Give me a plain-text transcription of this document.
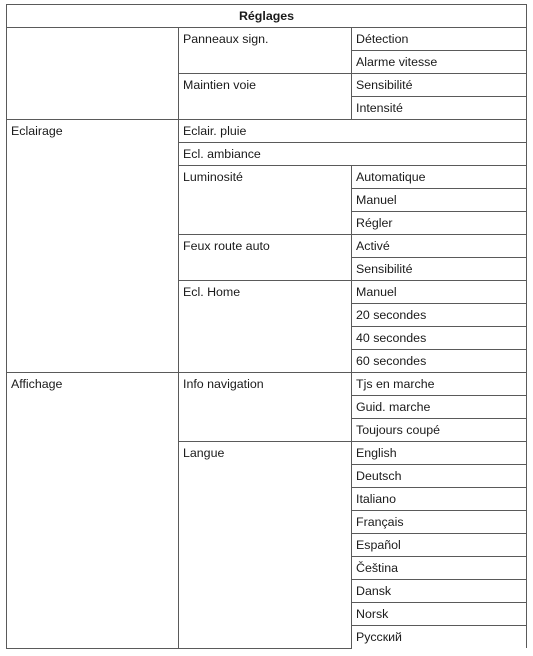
Réglages		
	Panneaux sign.	Détection
		Alarme vitesse
	Maintien voie	Sensibilité
		Intensité
Eclairage	Eclair. pluie	
	Ecl. ambiance	
	Luminosité	Automatique
		Manuel
		Régler
	Feux route auto	Activé
		Sensibilité
	Ecl. Home	Manuel
		20 secondes
		40 secondes
		60 secondes
Affichage	Info navigation	Tjs en marche
		Guid. marche
		Toujours coupé
	Langue	English
		Deutsch
		Italiano
		Français
		Español
		Čeština
		Dansk
		Norsk
		Русский
